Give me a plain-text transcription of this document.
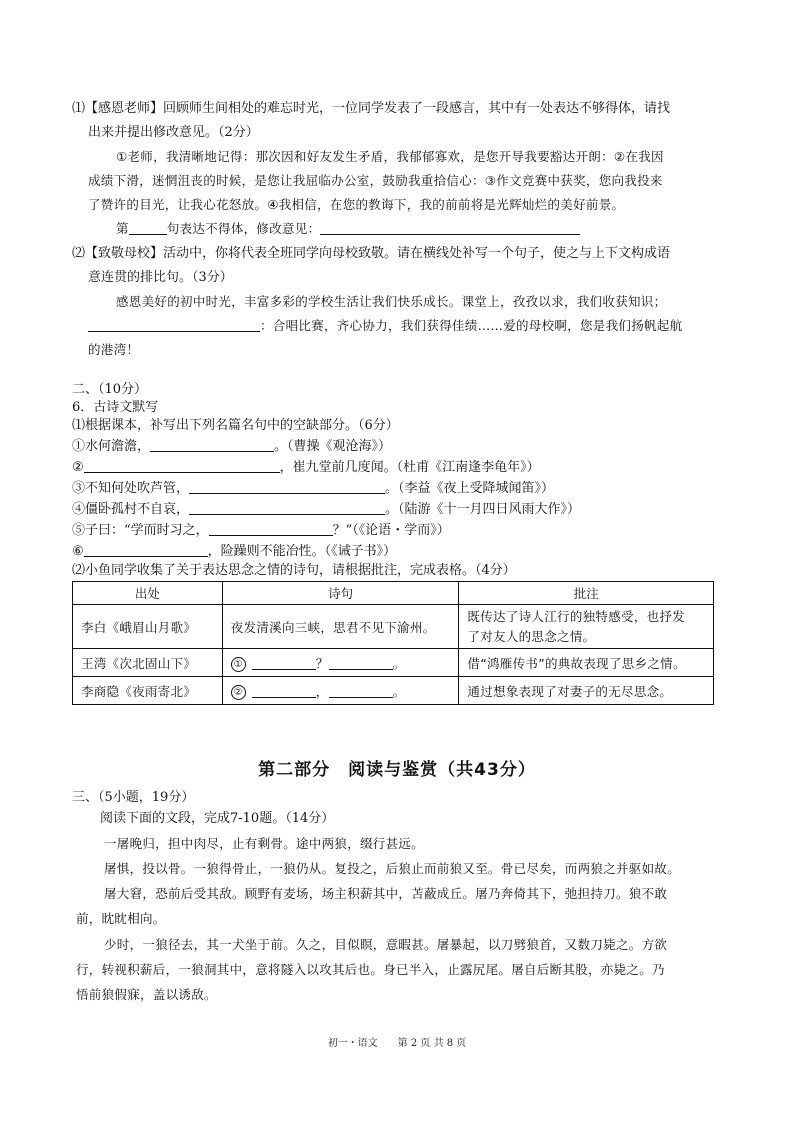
⑴【感恩老师】回顾师生间相处的难忘时光，一位同学发表了一段感言，其中有一处表达不够得体，请找
出来并提出修改意见。（2分）
①老师，我清晰地记得：那次因和好友发生矛盾，我郁郁寡欢，是您开导我要豁达开朗：②在我因
成绩下滑，迷惘沮丧的时候，是您让我屈临办公室，鼓励我重拾信心：③作文竞赛中获奖，您向我投来
了赞许的目光，让我心花怒放。④我相信，在您的教诲下，我的前前将是光辉灿烂的美好前景。
第	句表达不得体，修改意见：
⑵【致敬母校】活动中，你将代表全班同学向母校致敬。请在横线处补写一个句子，使之与上下文构成语
意连贯的排比句。（3分）
感恩美好的初中时光，丰富多彩的学校生活让我们快乐成长。课堂上，孜孜以求，我们收获知识；
：合唱比赛，齐心协力，我们获得佳绩……爱的母校啊，您是我们扬帆起航
的港湾！
二、（10分）
6．古诗文默写
⑴根据课本，补写出下列名篇名句中的空缺部分。（6分）
①水何澹澹，	。（曹操《观沧海》）
②	，崔九堂前几度闻。（杜甫《江南逢李龟年》）
③不知何处吹芦管，	。（李益《夜上受降城闻笛》）
④僵卧孤村不自哀，	。（陆游《十一月四日风雨大作》）
⑤子曰：“学而时习之，	？”（《论语・学而》）
⑥	，险躁则不能冶性。（《诫子书》）
⑵小鱼同学收集了关于表达思念之情的诗句，请根据批注，完成表格。（4分）
出处	诗句	批注
李白《峨眉山月歌》	夜发清溪向三峡，思君不见下渝州。	既传达了诗人江行的独特感受，也抒发
了对友人的思念之情。

王湾《次北固山下》	① ？ 。	借“鸿雁传书”的典故表现了思乡之情。
李商隐《夜雨寄北》	② ， 。	通过想象表现了对妻子的无尽思念。
第二部分　阅读与鉴赏（共43分）
三、（5小题，19分）
阅读下面的文段，完成7-10题。（14分）
一屠晚归，担中肉尽，止有剩骨。途中两狼，缀行甚远。
屠惧，投以骨。一狼得骨止，一狼仍从。复投之，后狼止而前狼又至。骨已尽矣，而两狼之并驱如故。
屠大窘，恐前后受其敌。顾野有麦场，场主积薪其中，苫蔽成丘。屠乃奔倚其下，弛担持刀。狼不敢
前，眈眈相向。
少时，一狼径去，其一犬坐于前。久之，目似瞑，意暇甚。屠暴起，以刀劈狼首，又数刀毙之。方欲
行，转视积薪后，一狼洞其中，意将隧入以攻其后也。身已半入，止露尻尾。屠自后断其股，亦毙之。乃
悟前狼假寐，盖以诱敌。
初一・语文　　第 2 页 共 8 页
